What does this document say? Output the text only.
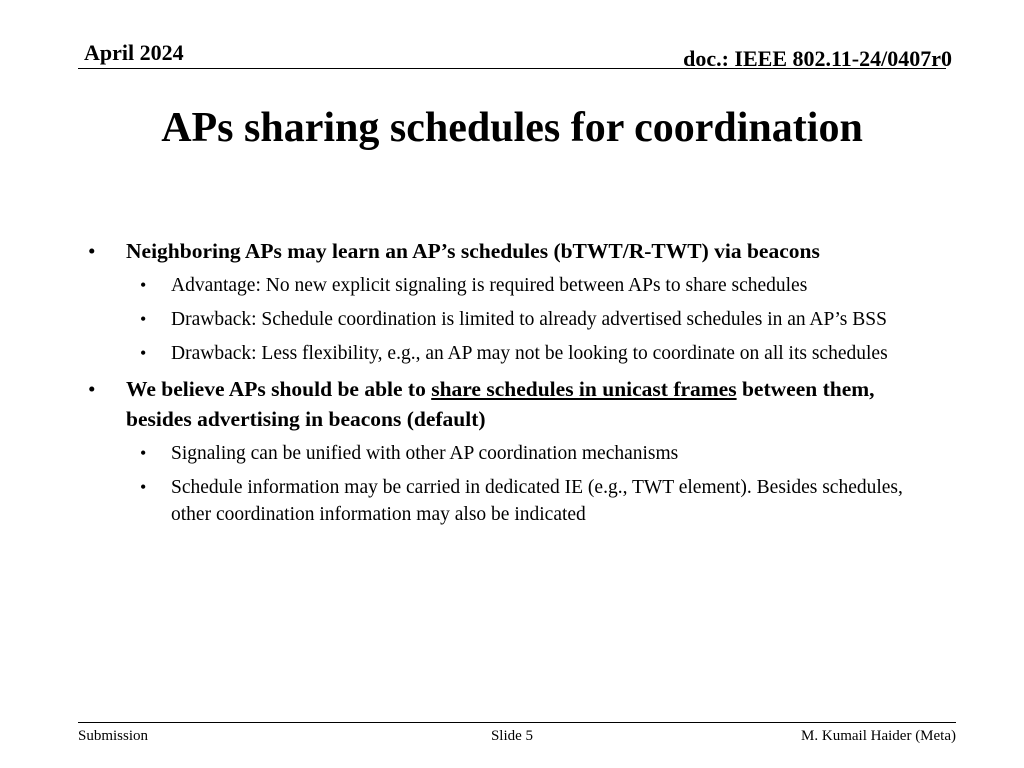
April 2024	doc.: IEEE 802.11-24/0407r0
APs sharing schedules for coordination
• Neighboring APs may learn an AP’s schedules (bTWT/R-TWT) via beacons
• Advantage: No new explicit signaling is required between APs to share schedules
• Drawback: Schedule coordination is limited to already advertised schedules in an AP’s BSS
• Drawback: Less flexibility, e.g., an AP may not be looking to coordinate on all its schedules
• We believe APs should be able to share schedules in unicast frames between them, besides advertising in beacons (default)
• Signaling can be unified with other AP coordination mechanisms
• Schedule information may be carried in dedicated IE (e.g., TWT element). Besides schedules, other coordination information may also be indicated
Submission	Slide 5	M. Kumail Haider (Meta)
